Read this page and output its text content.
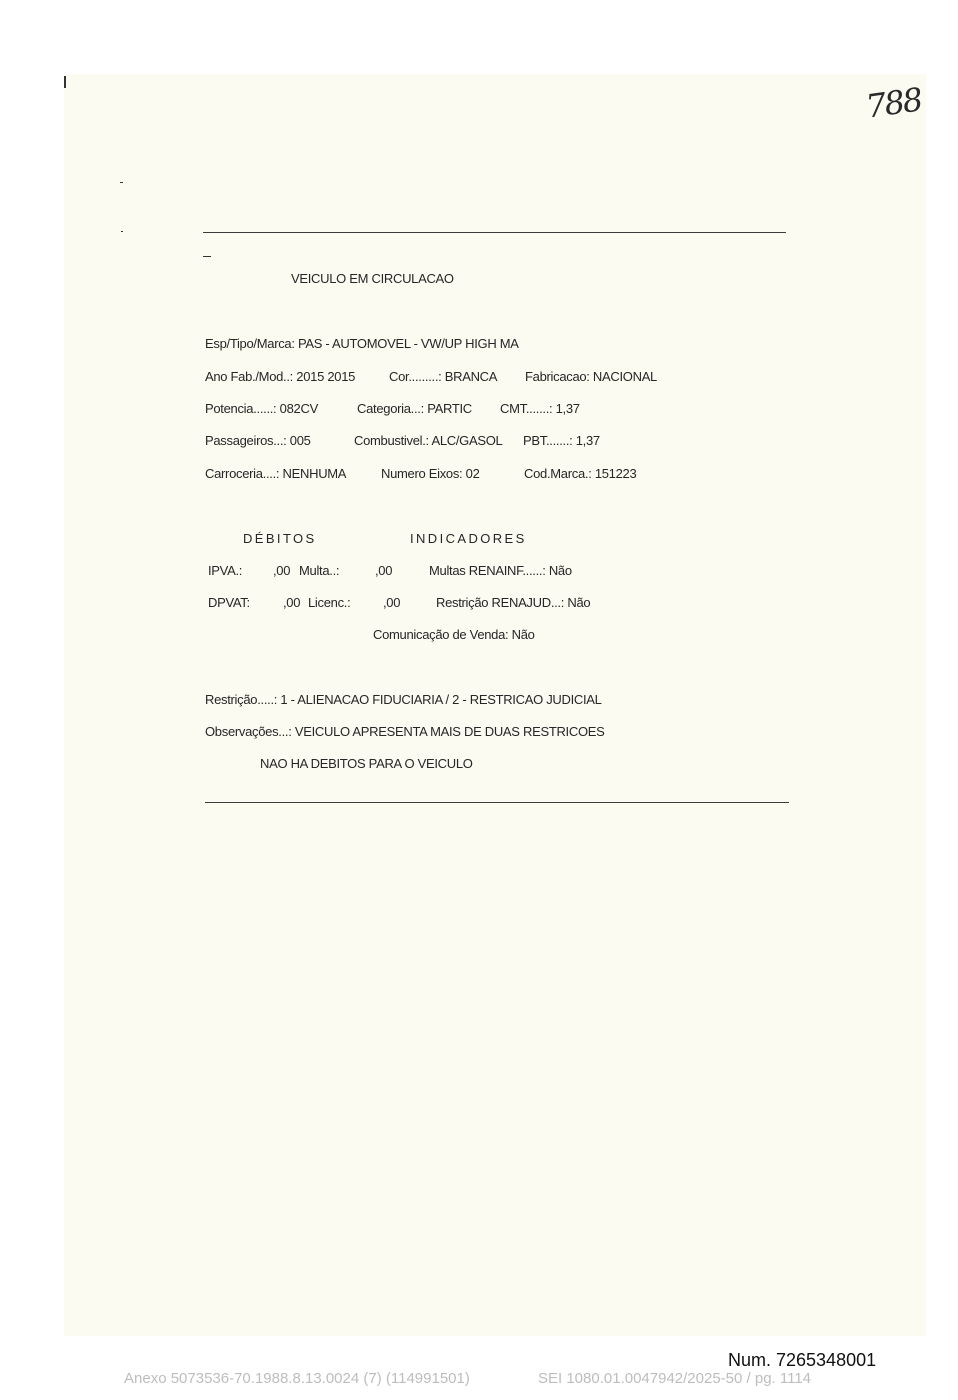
788
VEICULO EM CIRCULACAO
Esp/Tipo/Marca: PAS - AUTOMOVEL - VW/UP HIGH MA
Ano Fab./Mod..: 2015 2015	Cor.........: BRANCA Fabricacao: NACIONAL
Potencia......: 082CV	Categoria...: PARTIC CMT.......: 1,37
Passageiros...: 005	Combustivel.: ALC/GASOL PBT.......: 1,37
Carroceria....: NENHUMA	Numero Eixos: 02	Cod.Marca.: 151223
DÉBITOS	INDICADORES
IPVA.: ,00 Multa..:	,00	Multas RENAINF......: Não
DPVAT:	,00 Licenc.:	,00	Restrição RENAJUD...: Não
Comunicação de Venda: Não
Restrição.....: 1 - ALIENACAO FIDUCIARIA / 2 - RESTRICAO JUDICIAL
Observações...: VEICULO APRESENTA MAIS DE DUAS RESTRICOES
NAO HA DEBITOS PARA O VEICULO
Num. 7265348001
Anexo 5073536-70.1988.8.13.0024 (7) (114991501)	SEI 1080.01.0047942/2025-50 / pg. 1114
